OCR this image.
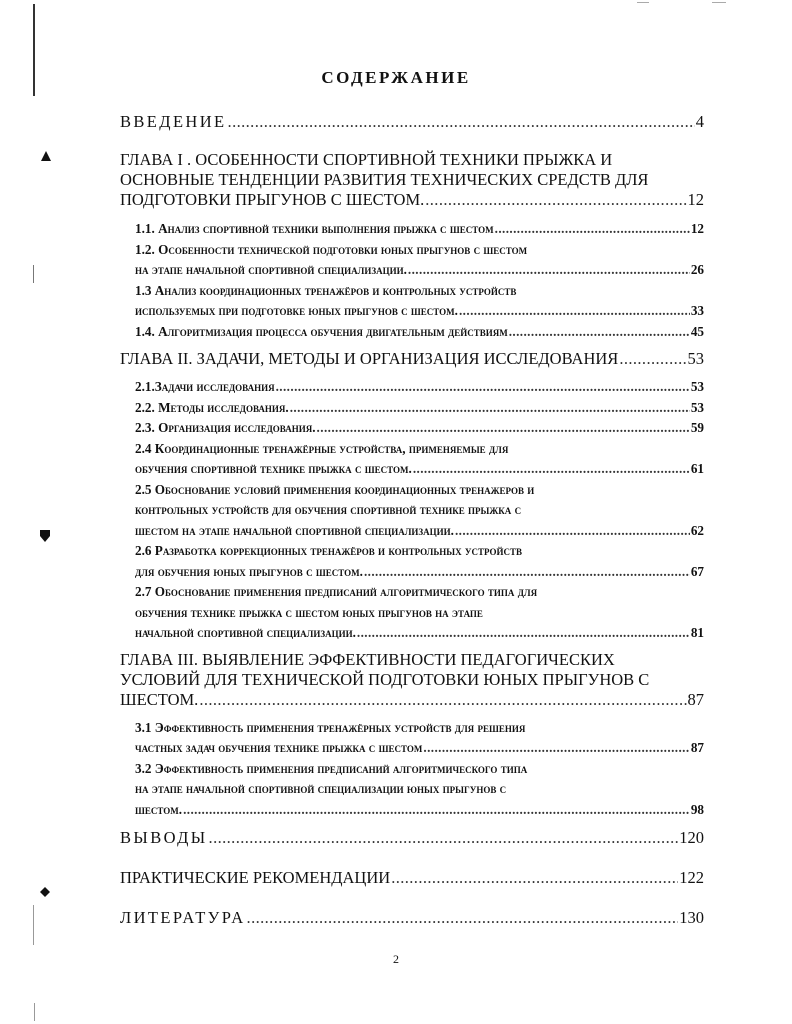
СОДЕРЖАНИЕ
ВВЕДЕНИЕ .....	4
ГЛАВА I . ОСОБЕННОСТИ СПОРТИВНОЙ ТЕХНИКИ ПРЫЖКА И
ОСНОВНЫЕ ТЕНДЕНЦИИ РАЗВИТИЯ ТЕХНИЧЕСКИХ СРЕДСТВ ДЛЯ
ПОДГОТОВКИ ПРЫГУНОВ С ШЕСТОМ. .....	12
1.1. Анализ спортивной техники выполнения прыжка с шестом .....	12
1.2. Особенности технической подготовки юных прыгунов с шестом
на этапе начальной спортивной специализации. .....	26
1.3 Анализ координационных тренажёров и контрольных устройств
используемых при подготовке юных прыгунов с шестом. .....	33
1.4. Алгоритмизация процесса обучения двигательным действиям .....	45
ГЛАВА II. ЗАДАЧИ, МЕТОДЫ И ОРГАНИЗАЦИЯ ИССЛЕДОВАНИЯ .....	53
2.1.Задачи исследования .....	53
2.2. Методы исследования. .....	53
2.3. Организация исследования. .....	59
2.4 Координационные тренажёрные устройства, применяемые для
обучения спортивной технике прыжка с шестом. .....	61
2.5 Обоснование условий применения координационных тренажеров и
контрольных устройств для обучения спортивной технике прыжка с
шестом на этапе начальной спортивной специализации. .....	62
2.6 Разработка коррекционных тренажёров и контрольных устройств
для обучения юных прыгунов с шестом. .....	67
2.7 Обоснование применения предписаний алгоритмического типа для
обучения технике прыжка с шестом юных прыгунов на этапе
начальной спортивной специализации. .....	81
ГЛАВА III. ВЫЯВЛЕНИЕ ЭФФЕКТИВНОСТИ ПЕДАГОГИЧЕСКИХ
УСЛОВИЙ ДЛЯ ТЕХНИЧЕСКОЙ ПОДГОТОВКИ ЮНЫХ ПРЫГУНОВ С
ШЕСТОМ. .....	87
3.1 Эффективность применения тренажёрных устройств для решения
частных задач обучения технике прыжка с шестом .....	87
3.2 Эффективность применения предписаний алгоритмического типа
на этапе начальной спортивной специализации юных прыгунов с
шестом. .....	98
ВЫВОДЫ .....	120
ПРАКТИЧЕСКИЕ РЕКОМЕНДАЦИИ .....	122
ЛИТЕРАТУРА .....	130
2
